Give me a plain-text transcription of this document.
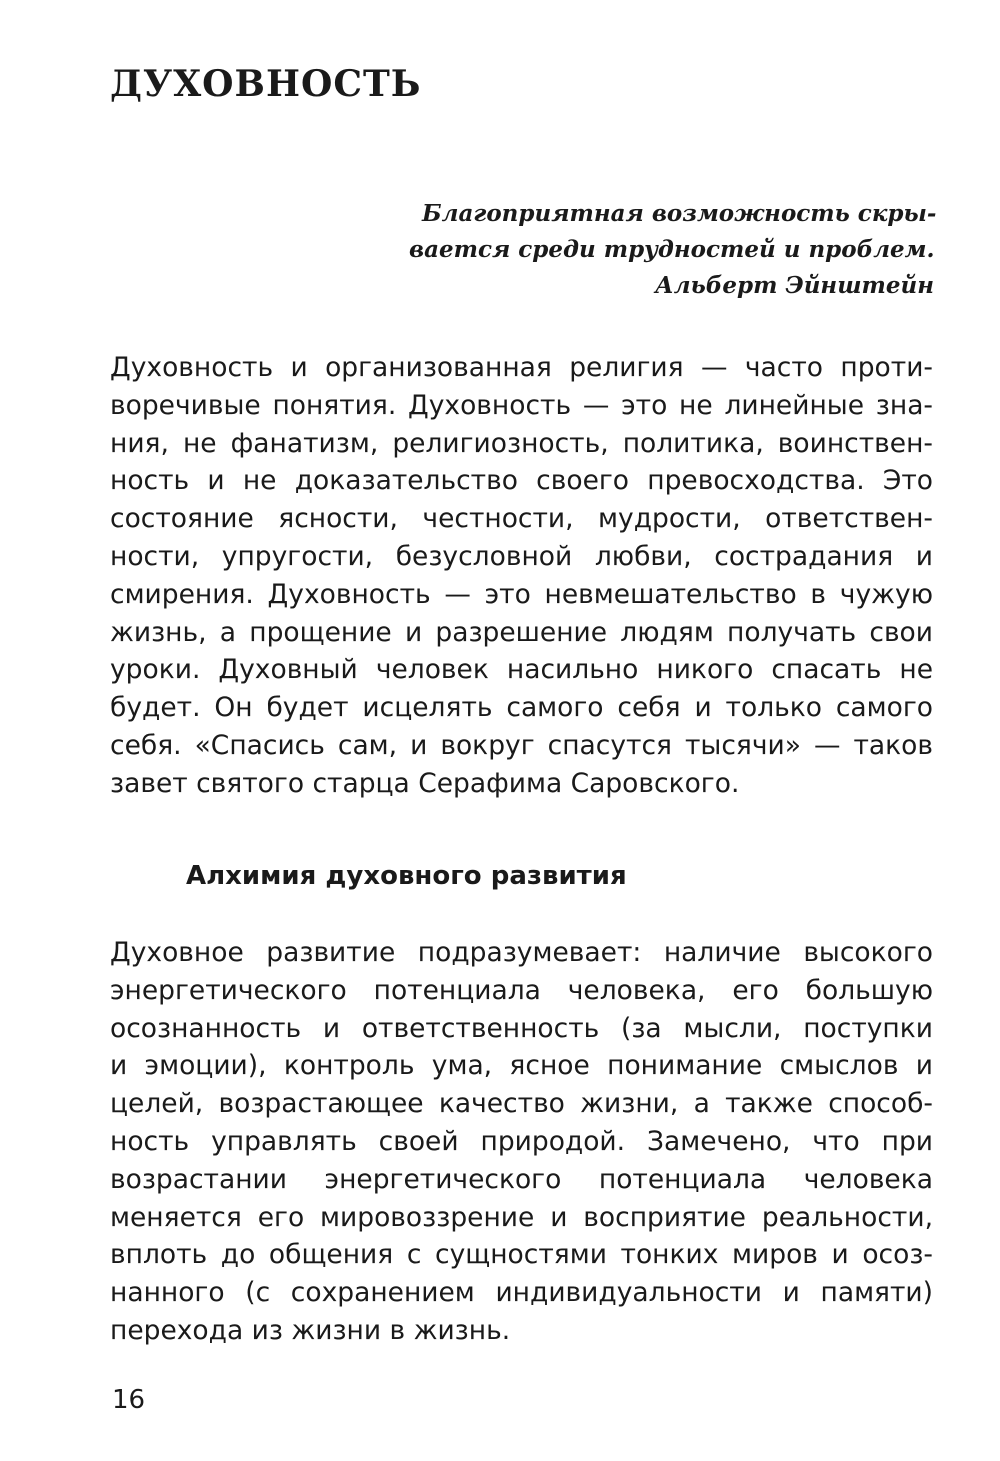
ДУХОВНОСТЬ
Благоприятная возможность скры-
вается среди трудностей и проблем.
Альберт Эйнштейн
Духовность и организованная религия — часто проти-
воречивые понятия. Духовность — это не линейные зна-
ния, не фанатизм, религиозность, политика, воинствен-
ность и не доказательство своего превосходства. Это
состояние ясности, честности, мудрости, ответствен-
ности, упругости, безусловной любви, сострадания и
смирения. Духовность — это невмешательство в чужую
жизнь, а прощение и разрешение людям получать свои
уроки. Духовный человек насильно никого спасать не
будет. Он будет исцелять самого себя и только самого
себя. «Спасись сам, и вокруг спасутся тысячи» — таков
завет святого старца Серафима Саровского.
Алхимия духовного развития
Духовное развитие подразумевает: наличие высокого
энергетического потенциала человека, его большую
осознанность и ответственность (за мысли, поступки
и эмоции), контроль ума, ясное понимание смыслов и
целей, возрастающее качество жизни, а также способ-
ность управлять своей природой. Замечено, что при
возрастании энергетического потенциала человека
меняется его мировоззрение и восприятие реальности,
вплоть до общения с сущностями тонких миров и осоз-
нанного (с сохранением индивидуальности и памяти)
перехода из жизни в жизнь.
16
